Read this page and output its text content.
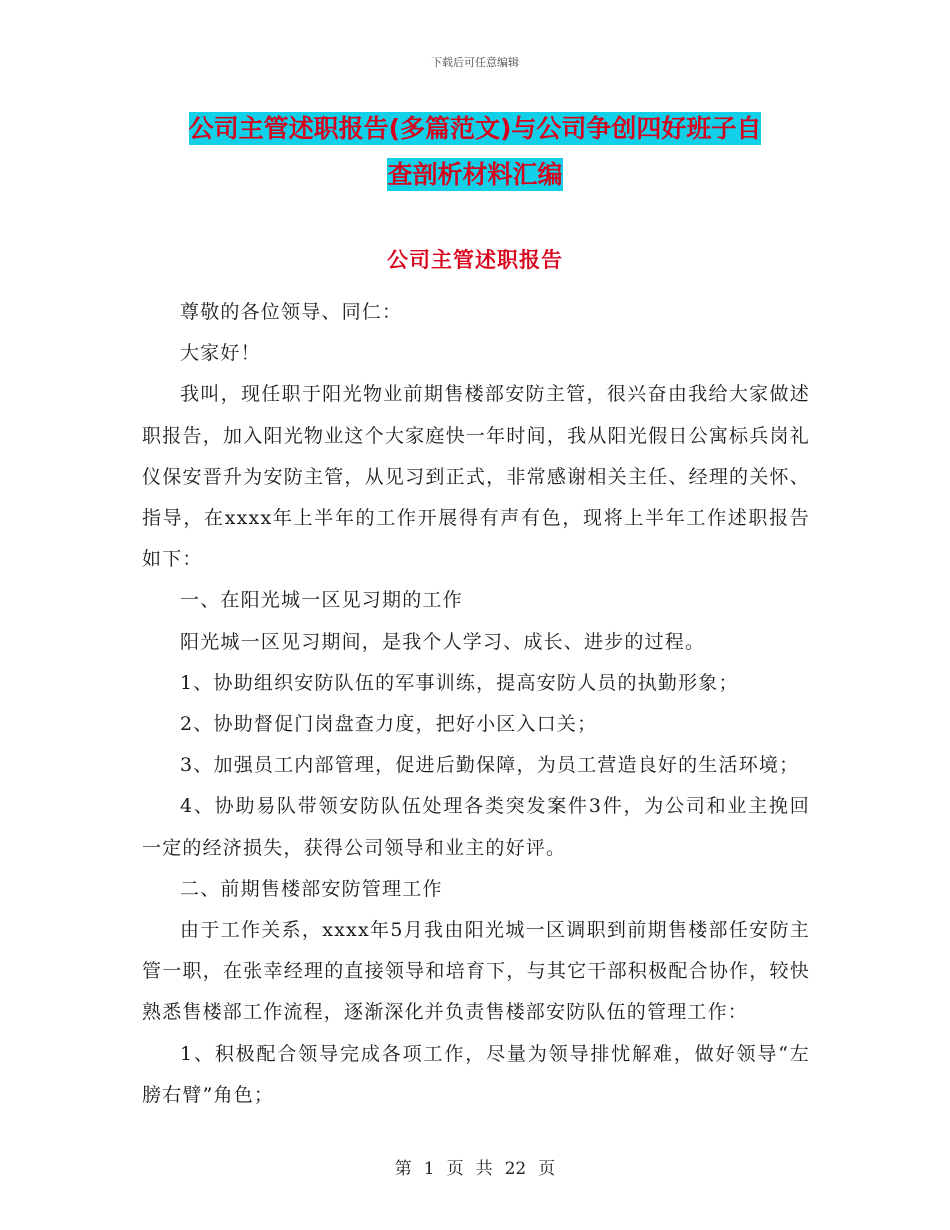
下载后可任意编辑
公司主管述职报告(多篇范文)与公司争创四好班子自
查剖析材料汇编
公司主管述职报告

尊敬的各位领导、同仁：

大家好！

我叫，现任职于阳光物业前期售楼部安防主管，很兴奋由我给大家做述职报告，加入阳光物业这个大家庭快一年时间，我从阳光假日公寓标兵岗礼仪保安晋升为安防主管，从见习到正式，非常感谢相关主任、经理的关怀、指导，在xxxx年上半年的工作开展得有声有色，现将上半年工作述职报告如下：

一、在阳光城一区见习期的工作

阳光城一区见习期间，是我个人学习、成长、进步的过程。

1、协助组织安防队伍的军事训练，提高安防人员的执勤形象；

2、协助督促门岗盘查力度，把好小区入口关；

3、加强员工内部管理，促进后勤保障，为员工营造良好的生活环境；

4、协助易队带领安防队伍处理各类突发案件3件，为公司和业主挽回一定的经济损失，获得公司领导和业主的好评。

二、前期售楼部安防管理工作

由于工作关系，xxxx年5月我由阳光城一区调职到前期售楼部任安防主管一职，在张幸经理的直接领导和培育下，与其它干部积极配合协作，较快熟悉售楼部工作流程，逐渐深化并负责售楼部安防队伍的管理工作：

1、积极配合领导完成各项工作，尽量为领导排忧解难，做好领导“左膀右臂”角色；

第 1 页 共 22 页
